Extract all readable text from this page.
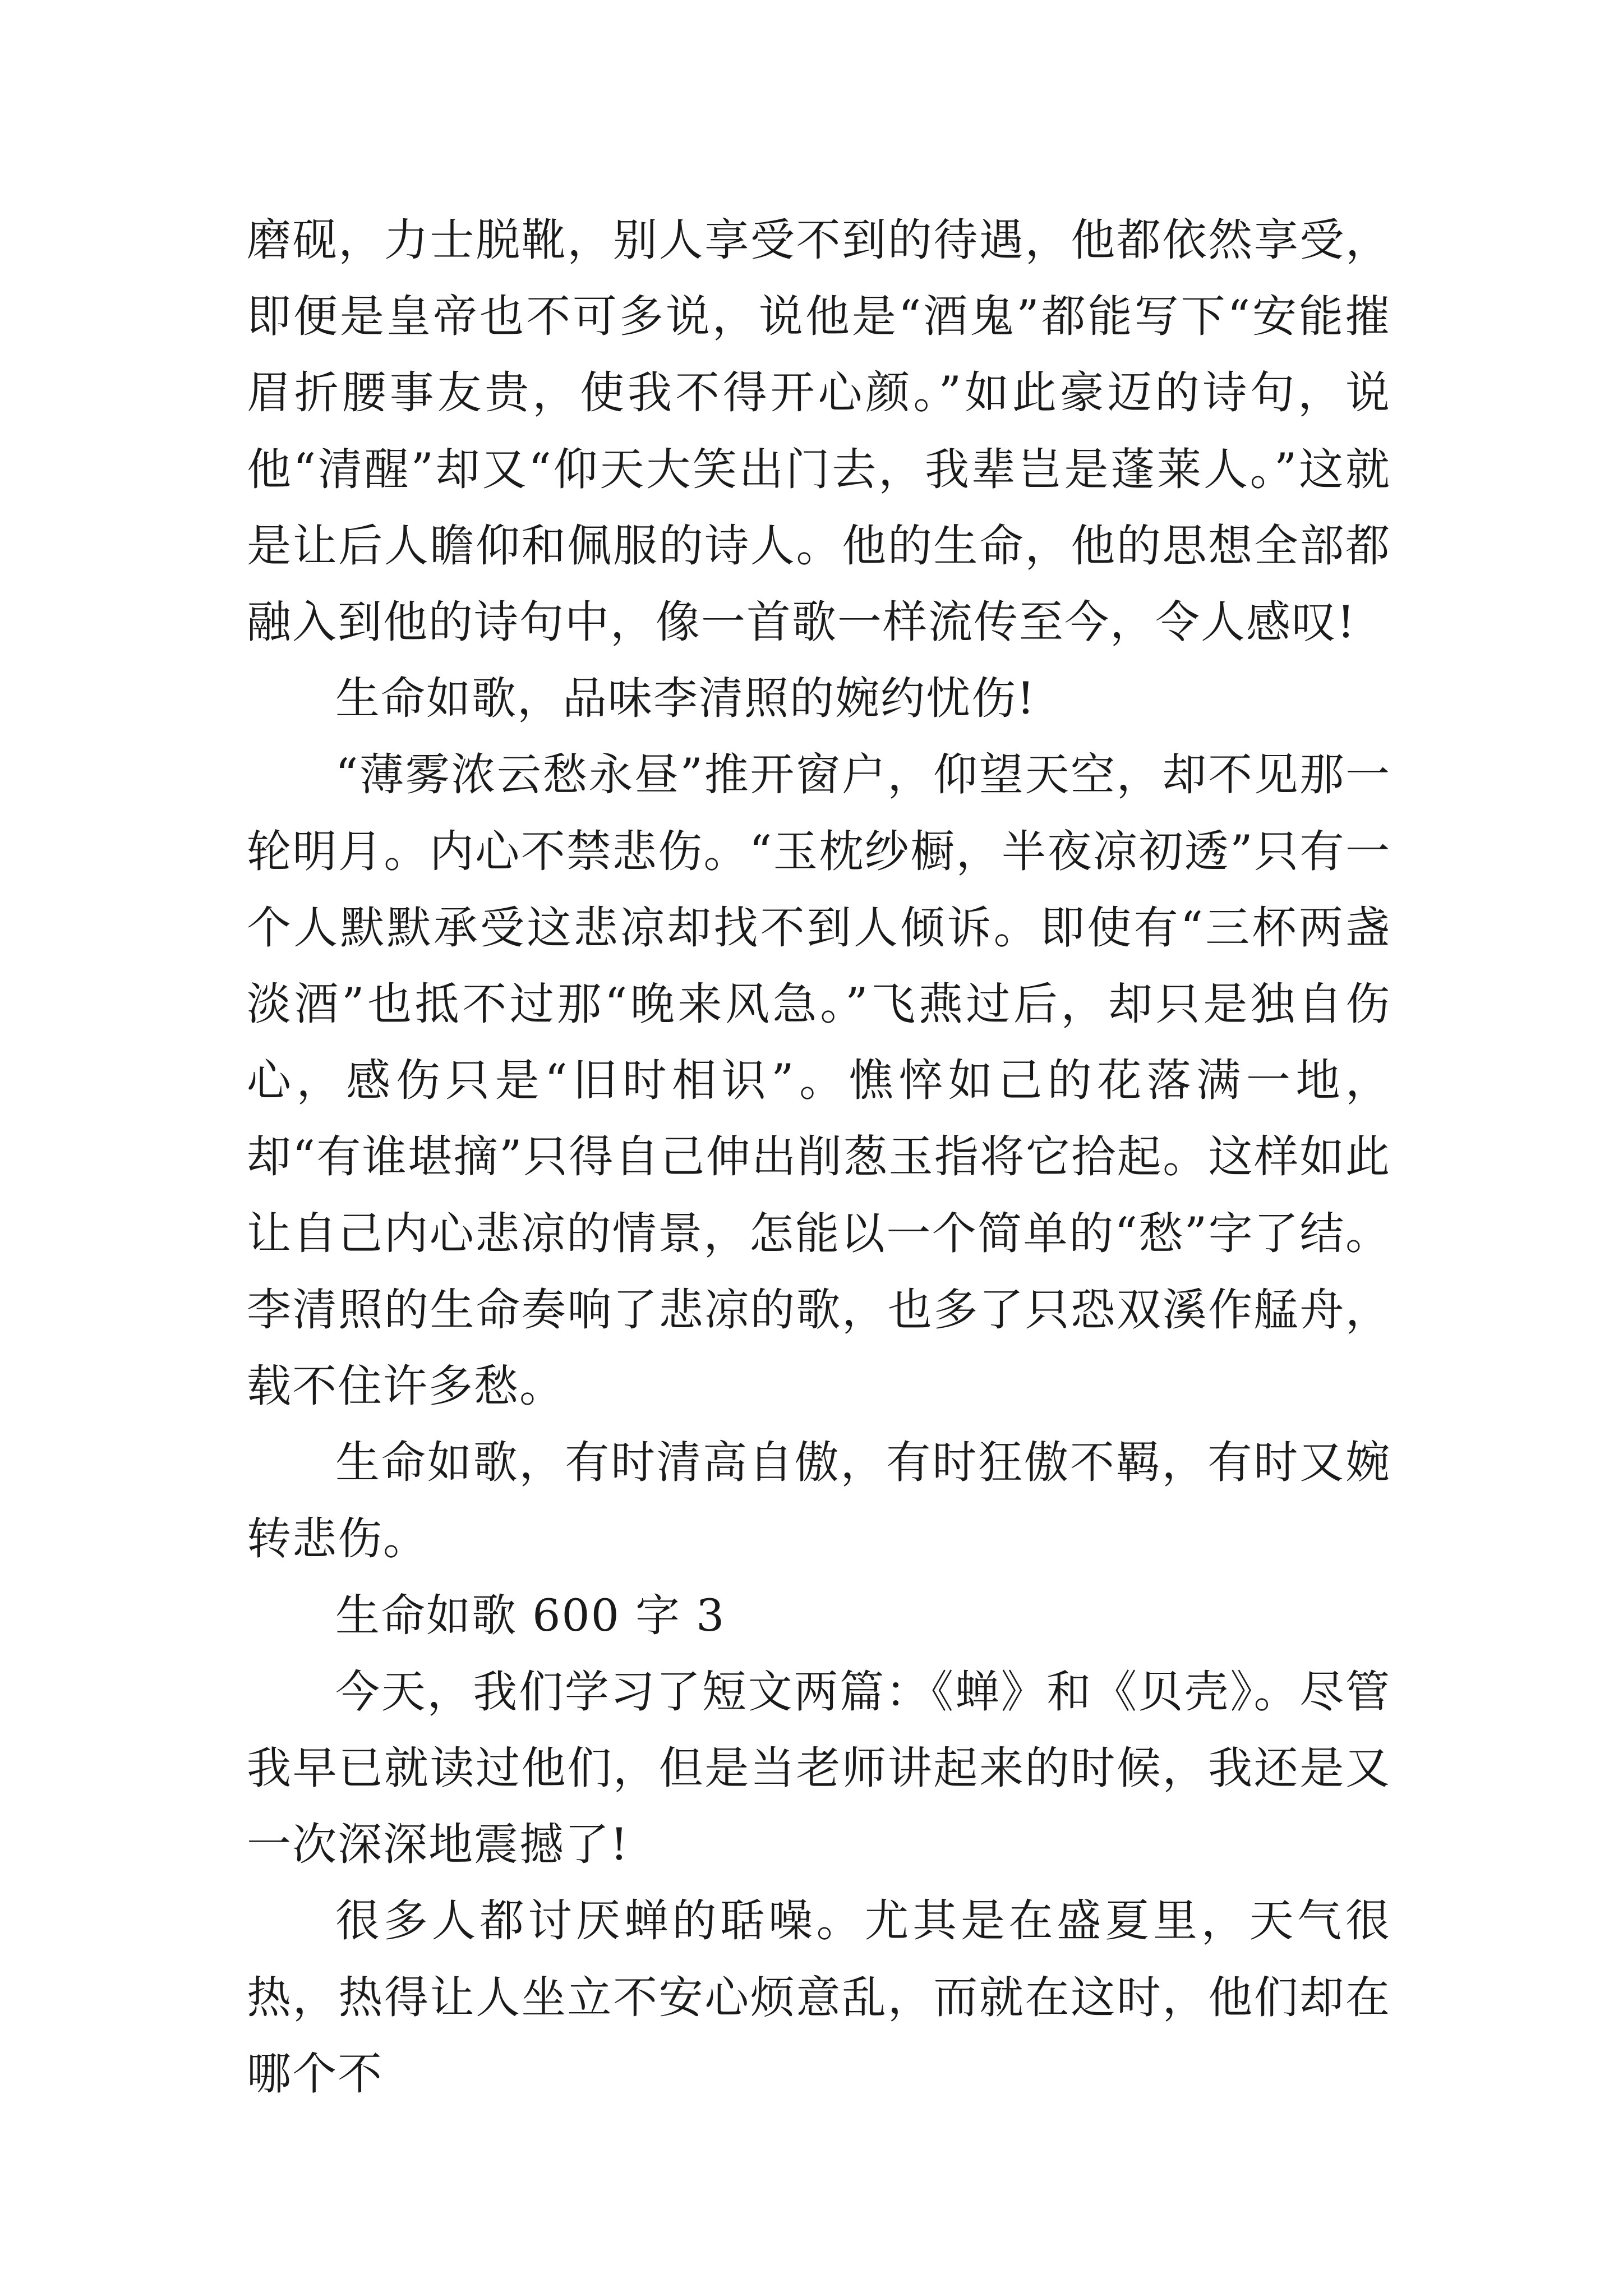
磨砚，力士脱靴，别人享受不到的待遇，他都依然享受，即便是皇帝也不可多说，说他是“酒鬼”都能写下“安能摧眉折腰事友贵，使我不得开心颜。”如此豪迈的诗句，说他“清醒”却又“仰天大笑出门去，我辈岂是蓬莱人。”这就是让后人瞻仰和佩服的诗人。他的生命，他的思想全部都融入到他的诗句中，像一首歌一样流传至今，令人感叹!

生命如歌，品味李清照的婉约忧伤!

“薄雾浓云愁永昼”推开窗户，仰望天空，却不见那一轮明月。内心不禁悲伤。“玉枕纱橱，半夜凉初透”只有一个人默默承受这悲凉却找不到人倾诉。即使有“三杯两盏淡酒”也抵不过那“晚来风急。”飞燕过后，却只是独自伤心，感伤只是“旧时相识”。憔悴如己的花落满一地，却“有谁堪摘”只得自己伸出削葱玉指将它拾起。这样如此让自己内心悲凉的情景，怎能以一个简单的“愁”字了结。李清照的生命奏响了悲凉的歌，也多了只恐双溪作艋舟，载不住许多愁。

生命如歌，有时清高自傲，有时狂傲不羁，有时又婉转悲伤。

生命如歌 600 字 3

今天，我们学习了短文两篇：《蝉》和《贝壳》。尽管我早已就读过他们，但是当老师讲起来的时候，我还是又一次深深地震撼了!

很多人都讨厌蝉的聒噪。尤其是在盛夏里，天气很热，热得让人坐立不安心烦意乱，而就在这时，他们却在哪个不
